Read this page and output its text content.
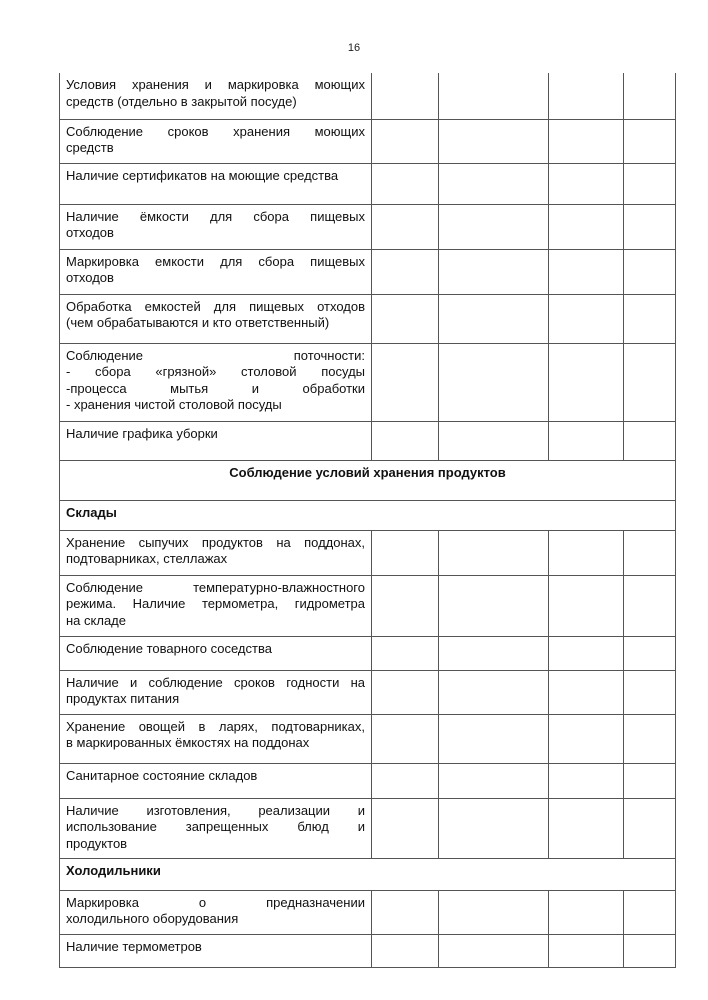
16
Условия хранения и маркировка моющих
средств (отдельно в закрытой посуде)				

Соблюдение сроков хранения моющих
средств				

Наличие сертификатов на моющие средства				

Наличие ёмкости для сбора пищевых
отходов				

Маркировка емкости для сбора пищевых
отходов				

Обработка емкостей для пищевых отходов
(чем обрабатываются и кто ответственный)				

Соблюдение поточности:
- сбора «грязной» столовой посуды
-процесса мытья и обработки
- хранения чистой столовой посуды				

Наличие графика уборки				

Соблюдение условий хранения продуктов				
Склады				

Хранение сыпучих продуктов на поддонах,
подтоварниках, стеллажах				

Соблюдение температурно-влажностного
режима. Наличие термометра, гидрометра
на складе				

Соблюдение товарного соседства				

Наличие и соблюдение сроков годности на
продуктах питания				

Хранение овощей в ларях, подтоварниках,
в маркированных ёмкостях на поддонах				

Санитарное состояние складов				

Наличие изготовления, реализации и
использование запрещенных блюд и
продуктов				

Холодильники				

Маркировка о предназначении
холодильного оборудования				

Наличие термометров				
